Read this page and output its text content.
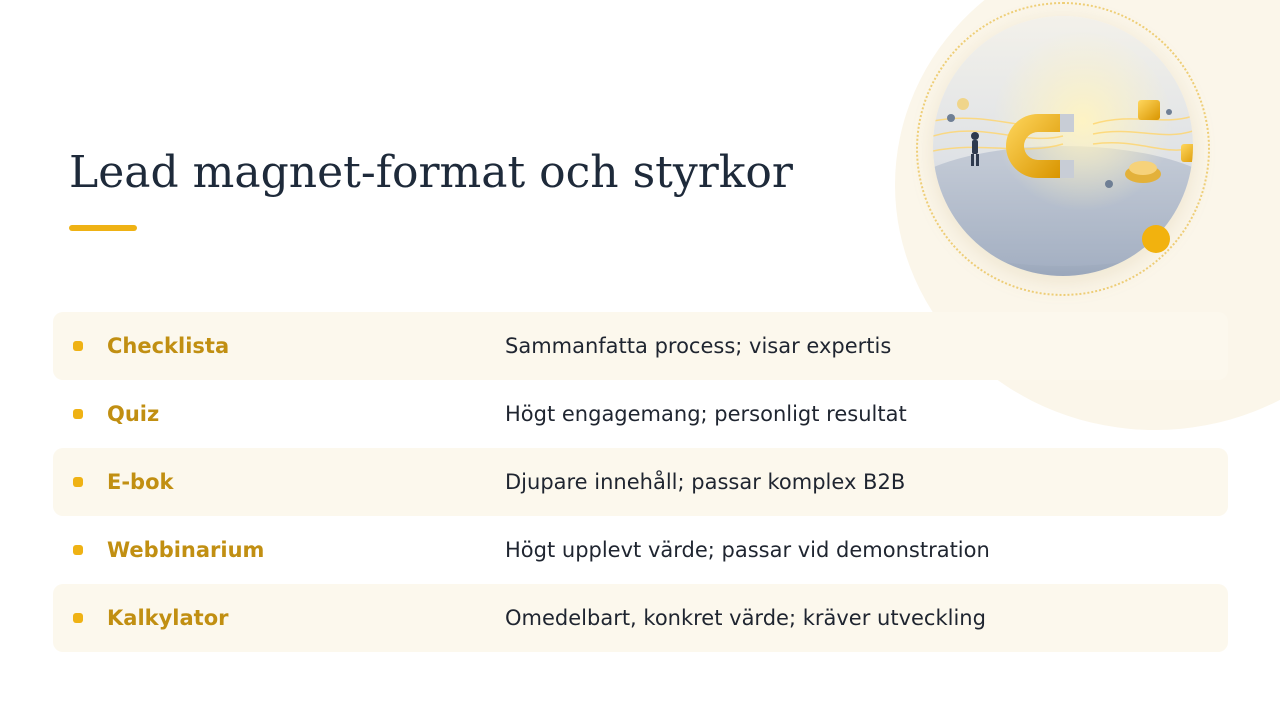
Lead magnet-format och styrkor
Checklista	Sammanfatta process; visar expertis
Quiz	Högt engagemang; personligt resultat
E-bok	Djupare innehåll; passar komplex B2B
Webbinarium	Högt upplevt värde; passar vid demonstration
Kalkylator	Omedelbart, konkret värde; kräver utveckling
